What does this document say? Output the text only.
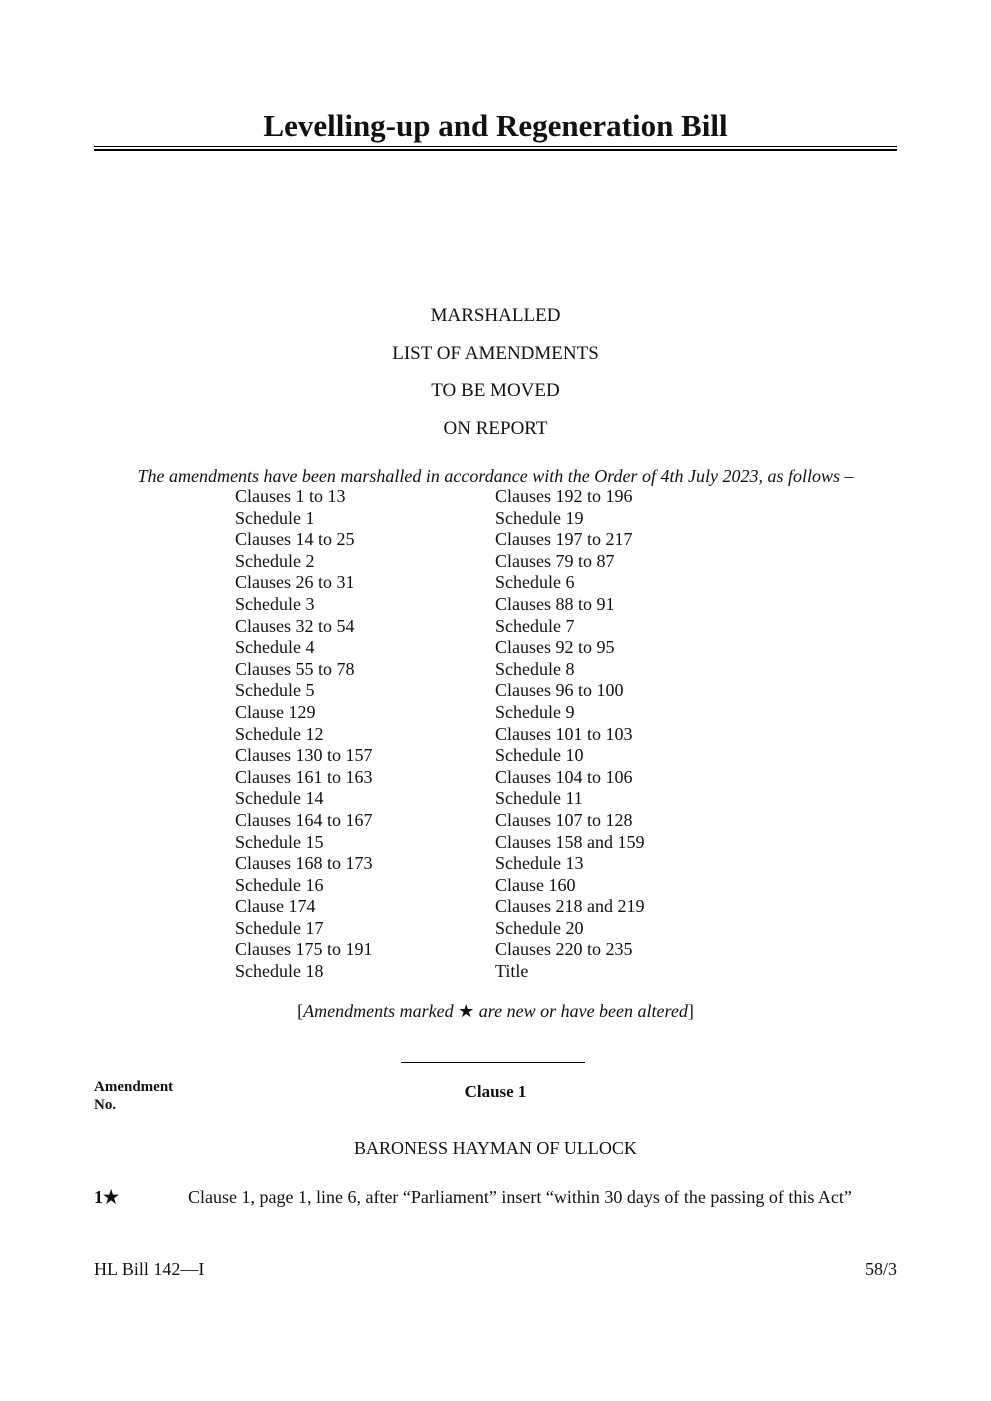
Levelling-up and Regeneration Bill
MARSHALLED
LIST OF AMENDMENTS
TO BE MOVED
ON REPORT
The amendments have been marshalled in accordance with the Order of 4th July 2023, as follows –
Clauses 1 to 13
Schedule 1
Clauses 14 to 25
Schedule 2
Clauses 26 to 31
Schedule 3
Clauses 32 to 54
Schedule 4
Clauses 55 to 78
Schedule 5
Clause 129
Schedule 12
Clauses 130 to 157
Clauses 161 to 163
Schedule 14
Clauses 164 to 167
Schedule 15
Clauses 168 to 173
Schedule 16
Clause 174
Schedule 17
Clauses 175 to 191
Schedule 18
Clauses 192 to 196
Schedule 19
Clauses 197 to 217
Clauses 79 to 87
Schedule 6
Clauses 88 to 91
Schedule 7
Clauses 92 to 95
Schedule 8
Clauses 96 to 100
Schedule 9
Clauses 101 to 103
Schedule 10
Clauses 104 to 106
Schedule 11
Clauses 107 to 128
Clauses 158 and 159
Schedule 13
Clause 160
Clauses 218 and 219
Schedule 20
Clauses 220 to 235
Title
[Amendments marked ★ are new or have been altered]
Amendment
No.
Clause 1
BARONESS HAYMAN OF ULLOCK
1★	Clause 1, page 1, line 6, after “Parliament” insert “within 30 days of the passing of this Act”
HL Bill 142—I	58/3
